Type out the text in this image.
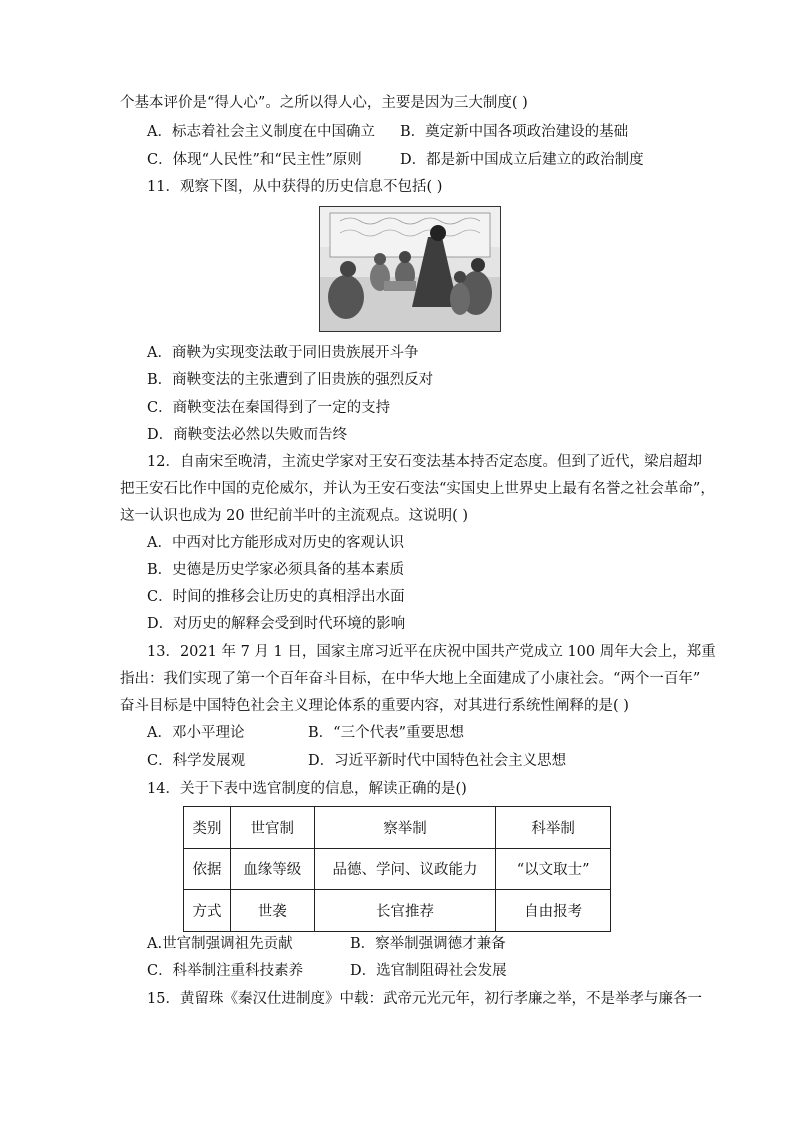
个基本评价是“得人心”。之所以得人心，主要是因为三大制度( )
A．标志着社会主义制度在中国确立 B．奠定新中国各项政治建设的基础
C．体现“人民性”和“民主性”原则	D．都是新中国成立后建立的政治制度
11．观察下图，从中获得的历史信息不包括( )
A．商鞅为实现变法敢于同旧贵族展开斗争
B．商鞅变法的主张遭到了旧贵族的强烈反对
C．商鞅变法在秦国得到了一定的支持
D．商鞅变法必然以失败而告终
12．自南宋至晚清，主流史学家对王安石变法基本持否定态度。但到了近代，梁启超却
把王安石比作中国的克伦威尔，并认为王安石变法“实国史上世界史上最有名誉之社会革命”，
这一认识也成为 20 世纪前半叶的主流观点。这说明( )
A．中西对比方能形成对历史的客观认识
B．史德是历史学家必须具备的基本素质
C．时间的推移会让历史的真相浮出水面
D．对历史的解释会受到时代环境的影响
13．2021 年 7 月 1 日，国家主席习近平在庆祝中国共产党成立 100 周年大会上，郑重
指出：我们实现了第一个百年奋斗目标，在中华大地上全面建成了小康社会。“两个一百年”
奋斗目标是中国特色社会主义理论体系的重要内容，对其进行系统性阐释的是( )
A．邓小平理论	B．“三个代表”重要思想
C．科学发展观	D．习近平新时代中国特色社会主义思想
14．关于下表中选官制度的信息，解读正确的是()
类别	世官制	察举制	科举制
依据	血缘等级	品德、学问、议政能力	“以文取士”
方式	世袭	长官推荐	自由报考
A.世官制强调祖先贡献	B．察举制强调德才兼备
C．科举制注重科技素养	D．选官制阻碍社会发展
15．黄留珠《秦汉仕进制度》中载：武帝元光元年，初行孝廉之举，不是举孝与廉各一
